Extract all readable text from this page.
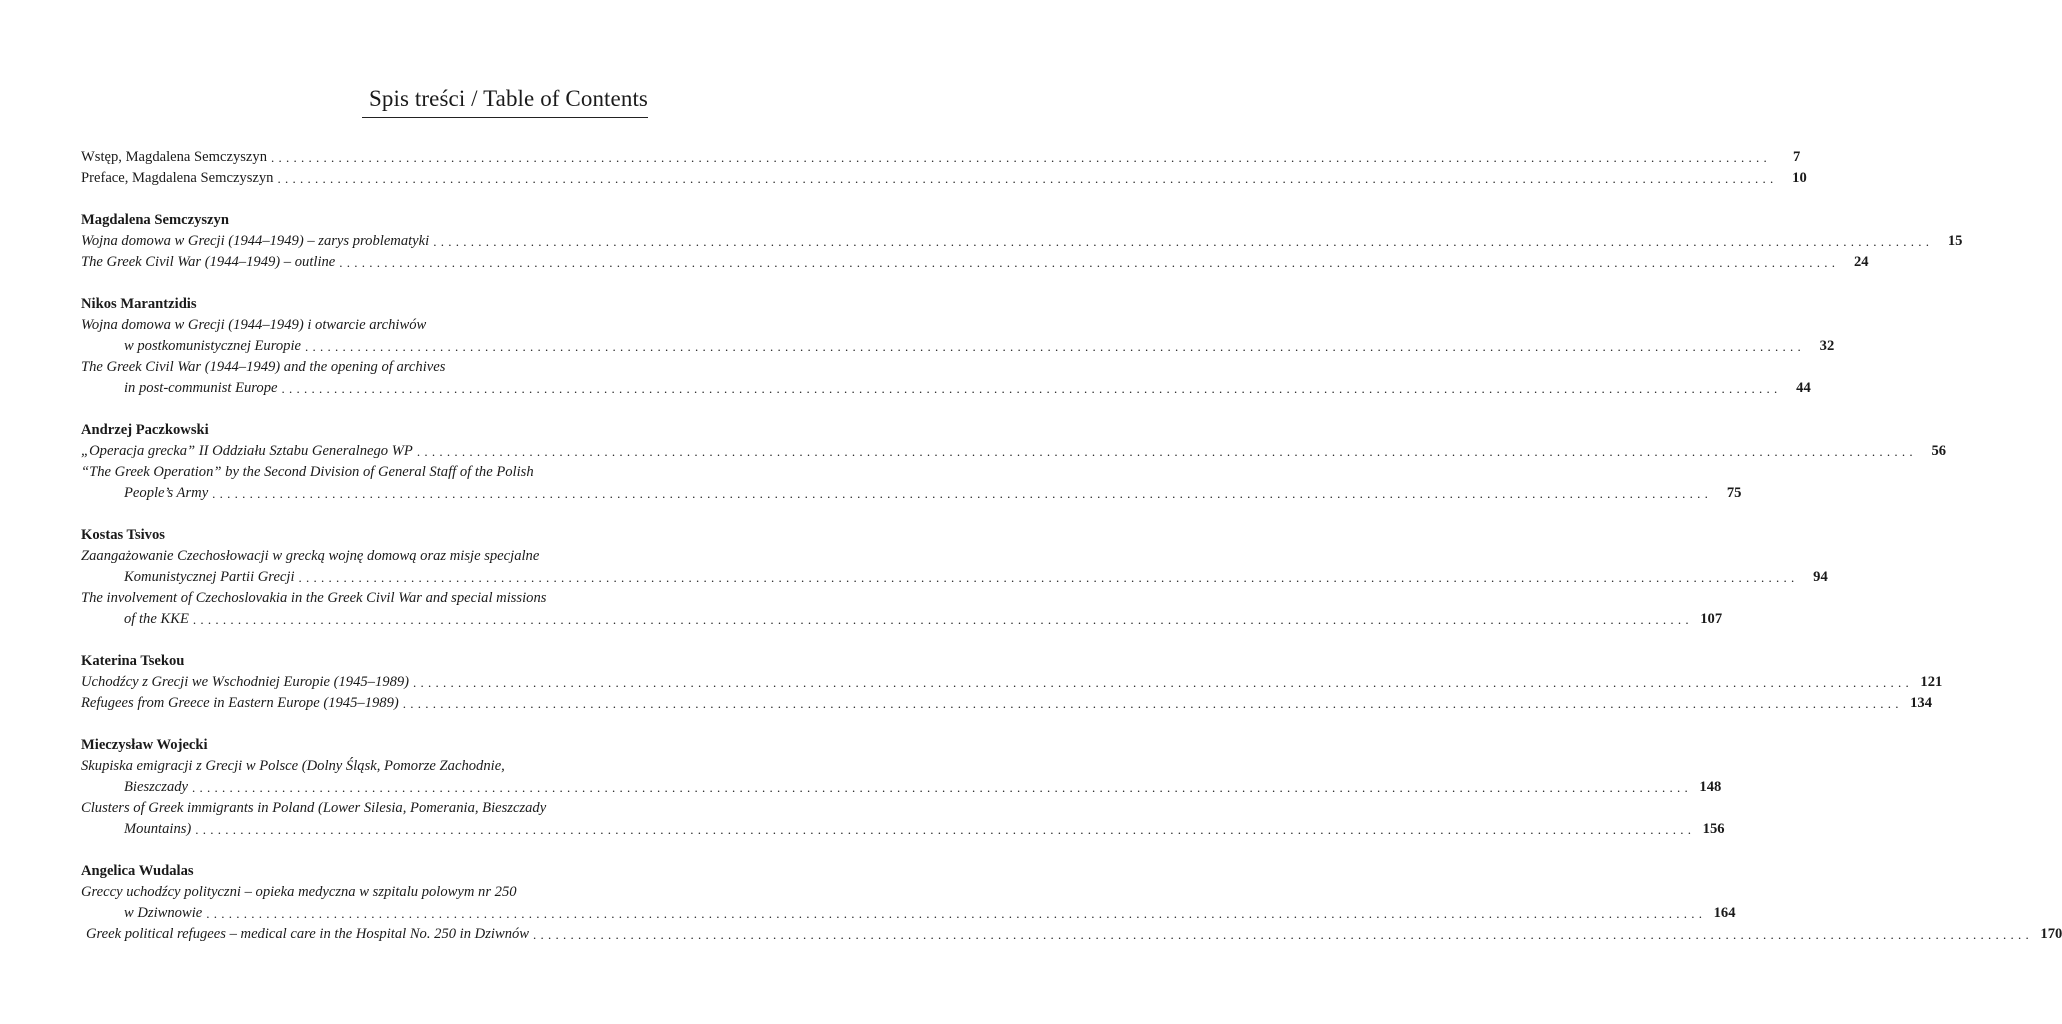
Spis treści / Table of Contents
Wstęp, Magdalena Semczyszyn . . . . . . . . . . . . . . . . . . . . . . . . . . . . . . . . . . . . . . . . . . . . . . . . . . . . . . . . . . . . . . . . . . . . . . . . . . . . . . . . . . . . . . . . . . . . . . . . . . . . . . . . . . . . . . . . . . . . . . . . . . . . . . . . . . . . . . . . . . . . . . . . . . . . . . . . . . . . . . . . . . . . . . . . . . . . . . . . . . . . . . . . . . . . . . . . . . . . . . . .	7
Preface, Magdalena Semczyszyn . . . . . . . . . . . . . . . . . . . . . . . . . . . . . . . . . . . . . . . . . . . . . . . . . . . . . . . . . . . . . . . . . . . . . . . . . . . . . . . . . . . . . . . . . . . . . . . . . . . . . . . . . . . . . . . . . . . . . . . . . . . . . . . . . . . . . . . . . . . . . . . . . . . . . . . . . . . . . . . . . . . . . . . . . . . . . . . . . . . . . . . . . . . . . . . . . . . . . . . .	10
Magdalena Semczyszyn
Wojna domowa w Grecji (1944–1949) – zarys problematyki . . . . . . . . . . . . . . . . . . . . . . . . . . . . . . . . . . . . . . . . . . . . . . . . . . . . . . . . . . . . . . . . . . . . . . . . . . . . . . . . . . . . . . . . . . . . . . . . . . . . . . . . . . . . . . . . . . . . . . . . . . . . . . . . . . . . . . . . . . . . . . . . . . . . . . . . . . . . . . . . . . . . . . . . . . . . . . . . . . . . . . . . . . . . . . . . . . . . . . . .	15
The Greek Civil War (1944–1949) – outline . . . . . . . . . . . . . . . . . . . . . . . . . . . . . . . . . . . . . . . . . . . . . . . . . . . . . . . . . . . . . . . . . . . . . . . . . . . . . . . . . . . . . . . . . . . . . . . . . . . . . . . . . . . . . . . . . . . . . . . . . . . . . . . . . . . . . . . . . . . . . . . . . . . . . . . . . . . . . . . . . . . . . . . . . . . . . . . . . . . . . . . . . . . . . . . . . . . . . . . .	24
Nikos Marantzidis
Wojna domowa w Grecji (1944–1949) i otwarcie archiwów
w postkomunistycznej Europie . . . . . . . . . . . . . . . . . . . . . . . . . . . . . . . . . . . . . . . . . . . . . . . . . . . . . . . . . . . . . . . . . . . . . . . . . . . . . . . . . . . . . . . . . . . . . . . . . . . . . . . . . . . . . . . . . . . . . . . . . . . . . . . . . . . . . . . . . . . . . . . . . . . . . . . . . . . . . . . . . . . . . . . . . . . . . . . . . . . . . . . . . . . . . . . . . . . . . . . .	32
The Greek Civil War (1944–1949) and the opening of archives
in post-communist Europe . . . . . . . . . . . . . . . . . . . . . . . . . . . . . . . . . . . . . . . . . . . . . . . . . . . . . . . . . . . . . . . . . . . . . . . . . . . . . . . . . . . . . . . . . . . . . . . . . . . . . . . . . . . . . . . . . . . . . . . . . . . . . . . . . . . . . . . . . . . . . . . . . . . . . . . . . . . . . . . . . . . . . . . . . . . . . . . . . . . . . . . . . . . . . . . . . . . . . . . .	44
Andrzej Paczkowski
„Operacja grecka” II Oddziału Sztabu Generalnego WP . . . . . . . . . . . . . . . . . . . . . . . . . . . . . . . . . . . . . . . . . . . . . . . . . . . . . . . . . . . . . . . . . . . . . . . . . . . . . . . . . . . . . . . . . . . . . . . . . . . . . . . . . . . . . . . . . . . . . . . . . . . . . . . . . . . . . . . . . . . . . . . . . . . . . . . . . . . . . . . . . . . . . . . . . . . . . . . . . . . . . . . . . . . . . . . . . . . . . . . .	56
“The Greek Operation” by the Second Division of General Staff of the Polish
People’s Army . . . . . . . . . . . . . . . . . . . . . . . . . . . . . . . . . . . . . . . . . . . . . . . . . . . . . . . . . . . . . . . . . . . . . . . . . . . . . . . . . . . . . . . . . . . . . . . . . . . . . . . . . . . . . . . . . . . . . . . . . . . . . . . . . . . . . . . . . . . . . . . . . . . . . . . . . . . . . . . . . . . . . . . . . . . . . . . . . . . . . . . . . . . . . . . . . . . . . . . .	75
Kostas Tsivos
Zaangażowanie Czechosłowacji w grecką wojnę domową oraz misje specjalne
Komunistycznej Partii Grecji . . . . . . . . . . . . . . . . . . . . . . . . . . . . . . . . . . . . . . . . . . . . . . . . . . . . . . . . . . . . . . . . . . . . . . . . . . . . . . . . . . . . . . . . . . . . . . . . . . . . . . . . . . . . . . . . . . . . . . . . . . . . . . . . . . . . . . . . . . . . . . . . . . . . . . . . . . . . . . . . . . . . . . . . . . . . . . . . . . . . . . . . . . . . . . . . . . . . . . . .	94
The involvement of Czechoslovakia in the Greek Civil War and special missions
of the KKE . . . . . . . . . . . . . . . . . . . . . . . . . . . . . . . . . . . . . . . . . . . . . . . . . . . . . . . . . . . . . . . . . . . . . . . . . . . . . . . . . . . . . . . . . . . . . . . . . . . . . . . . . . . . . . . . . . . . . . . . . . . . . . . . . . . . . . . . . . . . . . . . . . . . . . . . . . . . . . . . . . . . . . . . . . . . . . . . . . . . . . . . . . . . . . . . . . . . . . . . 107
Katerina Tsekou
Uchodźcy z Grecji we Wschodniej Europie (1945–1989) . . . . . . . . . . . . . . . . . . . . . . . . . . . . . . . . . . . . . . . . . . . . . . . . . . . . . . . . . . . . . . . . . . . . . . . . . . . . . . . . . . . . . . . . . . . . . . . . . . . . . . . . . . . . . . . . . . . . . . . . . . . . . . . . . . . . . . . . . . . . . . . . . . . . . . . . . . . . . . . . . . . . . . . . . . . . . . . . . . . . . . . . . . . . . . . . . . . . . . . . 121
Refugees from Greece in Eastern Europe (1945–1989) . . . . . . . . . . . . . . . . . . . . . . . . . . . . . . . . . . . . . . . . . . . . . . . . . . . . . . . . . . . . . . . . . . . . . . . . . . . . . . . . . . . . . . . . . . . . . . . . . . . . . . . . . . . . . . . . . . . . . . . . . . . . . . . . . . . . . . . . . . . . . . . . . . . . . . . . . . . . . . . . . . . . . . . . . . . . . . . . . . . . . . . . . . . . . . . . . . . . . . . . 134
Mieczysław Wojecki
Skupiska emigracji z Grecji w Polsce (Dolny Śląsk, Pomorze Zachodnie,
Bieszczady . . . . . . . . . . . . . . . . . . . . . . . . . . . . . . . . . . . . . . . . . . . . . . . . . . . . . . . . . . . . . . . . . . . . . . . . . . . . . . . . . . . . . . . . . . . . . . . . . . . . . . . . . . . . . . . . . . . . . . . . . . . . . . . . . . . . . . . . . . . . . . . . . . . . . . . . . . . . . . . . . . . . . . . . . . . . . . . . . . . . . . . . . . . . . . . . . . . . . . . . 148
Clusters of Greek immigrants in Poland (Lower Silesia, Pomerania, Bieszczady
Mountains) . . . . . . . . . . . . . . . . . . . . . . . . . . . . . . . . . . . . . . . . . . . . . . . . . . . . . . . . . . . . . . . . . . . . . . . . . . . . . . . . . . . . . . . . . . . . . . . . . . . . . . . . . . . . . . . . . . . . . . . . . . . . . . . . . . . . . . . . . . . . . . . . . . . . . . . . . . . . . . . . . . . . . . . . . . . . . . . . . . . . . . . . . . . . . . . . . . . . . . . . 156
Angelica Wudalas
Greccy uchodźcy polityczni – opieka medyczna w szpitalu polowym nr 250
w Dziwnowie . . . . . . . . . . . . . . . . . . . . . . . . . . . . . . . . . . . . . . . . . . . . . . . . . . . . . . . . . . . . . . . . . . . . . . . . . . . . . . . . . . . . . . . . . . . . . . . . . . . . . . . . . . . . . . . . . . . . . . . . . . . . . . . . . . . . . . . . . . . . . . . . . . . . . . . . . . . . . . . . . . . . . . . . . . . . . . . . . . . . . . . . . . . . . . . . . . . . . . . . 164
Greek political refugees – medical care in the Hospital No. 250 in Dziwnów . . . . . . . . . . . . . . . . . . . . . . . . . . . . . . . . . . . . . . . . . . . . . . . . . . . . . . . . . . . . . . . . . . . . . . . . . . . . . . . . . . . . . . . . . . . . . . . . . . . . . . . . . . . . . . . . . . . . . . . . . . . . . . . . . . . . . . . . . . . . . . . . . . . . . . . . . . . . . . . . . . . . . . . . . . . . . . . . . . . . . . . . . . . . . . . . . . . . . . . . 170
